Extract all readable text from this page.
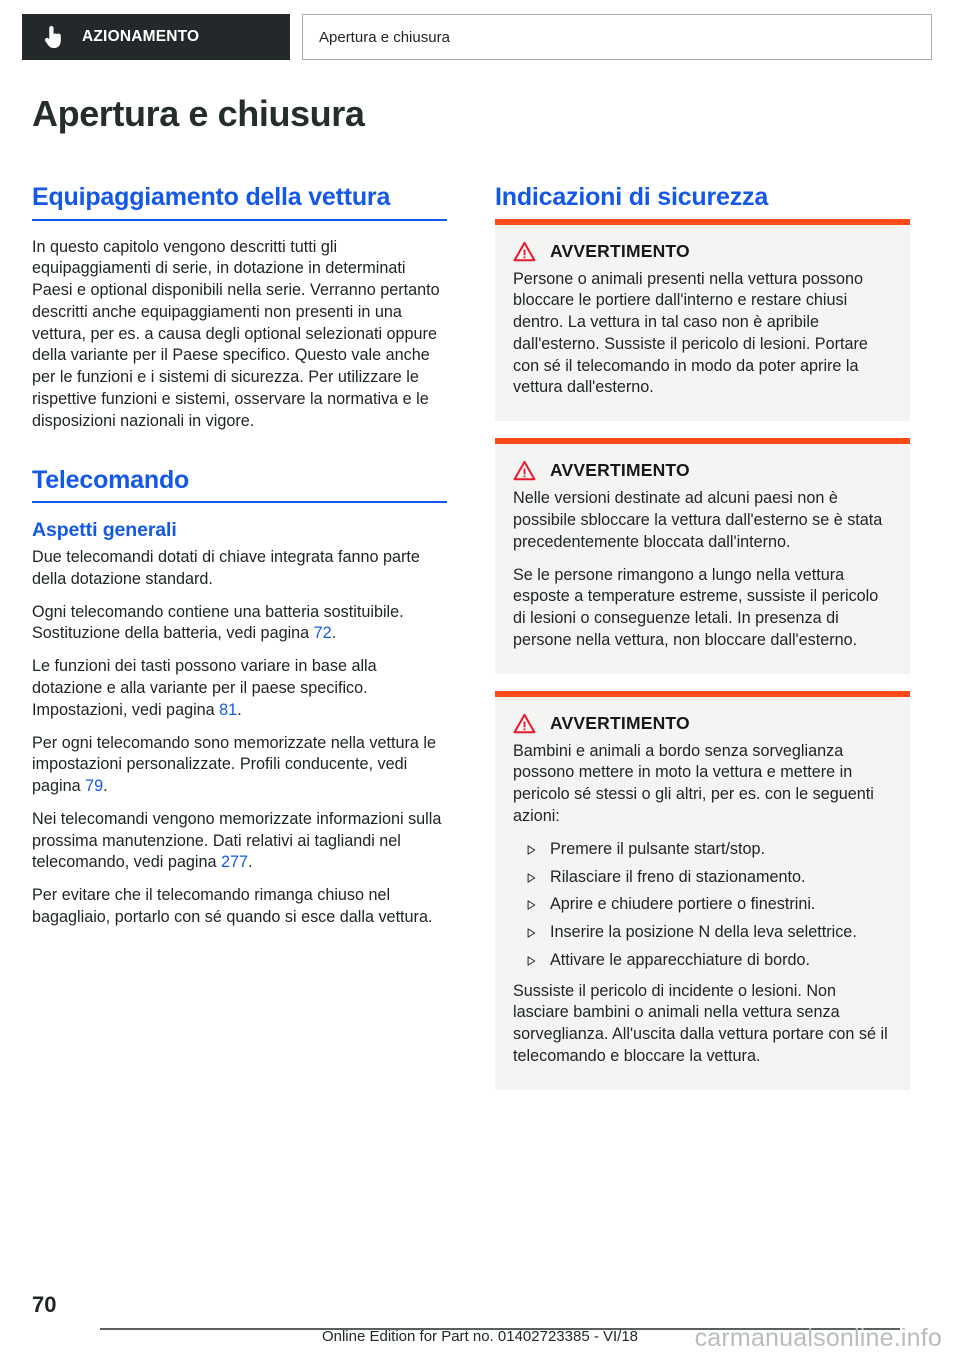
AZIONAMENTO	Apertura e chiusura
Apertura e chiusura
Equipaggiamento della vettura

In questo capitolo vengono descritti tutti gli equipaggiamenti di serie, in dotazione in determinati Paesi e optional disponibili nella serie. Verranno pertanto descritti anche equipaggiamenti non presenti in una vettura, per es. a causa degli optional selezionati oppure della variante per il Paese specifico. Questo vale anche per le funzioni e i sistemi di sicurezza. Per utilizzare le rispettive funzioni e sistemi, osservare la normativa e le disposizioni nazionali in vigore.

Telecomando
Aspetti generali

Due telecomandi dotati di chiave integrata fanno parte della dotazione standard.

Ogni telecomando contiene una batteria sostituibile. Sostituzione della batteria, vedi pagina 72.

Le funzioni dei tasti possono variare in base alla dotazione e alla variante per il paese specifico. Impostazioni, vedi pagina 81.

Per ogni telecomando sono memorizzate nella vettura le impostazioni personalizzate. Profili conducente, vedi pagina 79.

Nei telecomandi vengono memorizzate informazioni sulla prossima manutenzione. Dati relativi ai tagliandi nel telecomando, vedi pagina 277.

Per evitare che il telecomando rimanga chiuso nel bagagliaio, portarlo con sé quando si esce dalla vettura.

Indicazioni di sicurezza
AVVERTIMENTO

Persone o animali presenti nella vettura possono bloccare le portiere dall'interno e restare chiusi dentro. La vettura in tal caso non è apribile dall'esterno. Sussiste il pericolo di lesioni. Portare con sé il telecomando in modo da poter aprire la vettura dall'esterno.

AVVERTIMENTO

Nelle versioni destinate ad alcuni paesi non è possibile sbloccare la vettura dall'esterno se è stata precedentemente bloccata dall'interno.

Se le persone rimangono a lungo nella vettura esposte a temperature estreme, sussiste il pericolo di lesioni o conseguenze letali. In presenza di persone nella vettura, non bloccare dall'esterno.

AVVERTIMENTO

Bambini e animali a bordo senza sorveglianza possono mettere in moto la vettura e mettere in pericolo sé stessi o gli altri, per es. con le seguenti azioni:

Premere il pulsante start/stop.
Rilasciare il freno di stazionamento.
Aprire e chiudere portiere o finestrini.
Inserire la posizione N della leva selettrice.
Attivare le apparecchiature di bordo.

Sussiste il pericolo di incidente o lesioni. Non lasciare bambini o animali nella vettura senza sorveglianza. All'uscita dalla vettura portare con sé il telecomando e bloccare la vettura.

70
Online Edition for Part no. 01402723385 - VI/18	carmanualsonline.info
